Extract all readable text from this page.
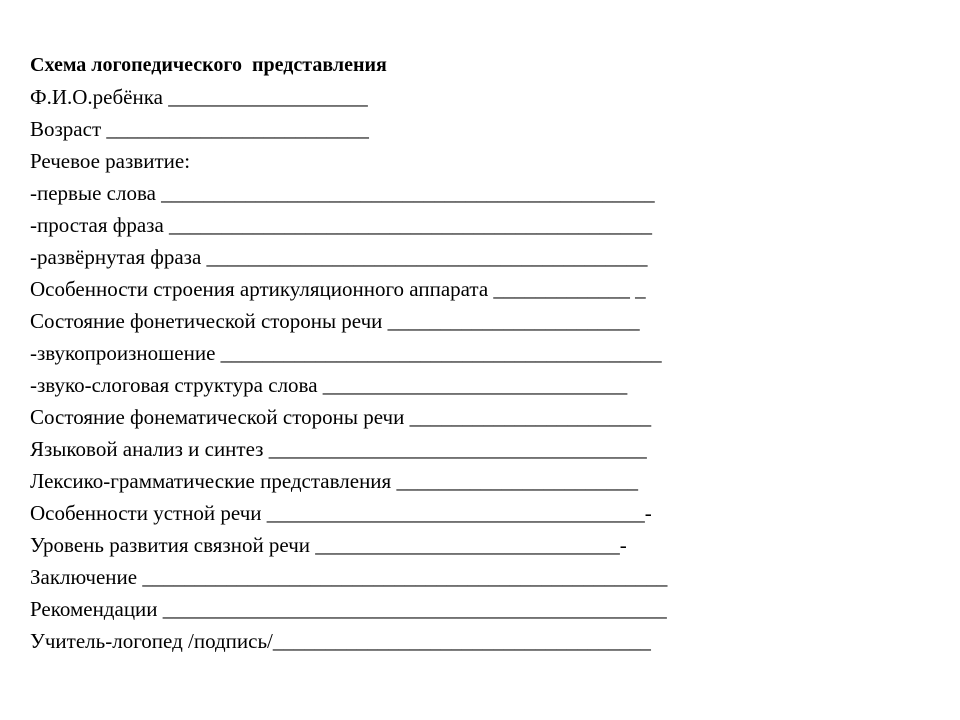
Схема логопедического  представления
Ф.И.О.ребёнка ___________________
Возраст _________________________
Речевое развитие:
-первые слова _______________________________________________
-простая фраза ______________________________________________
-развёрнутая фраза __________________________________________
Особенности строения артикуляционного аппарата _____________ _
Состояние фонетической стороны речи ________________________
-звукопроизношение __________________________________________
-звуко-слоговая структура слова _____________________________
Состояние фонематической стороны речи _______________________
Языковой анализ и синтез ____________________________________
Лексико-грамматические представления _______________________
Особенности устной речи ____________________________________-
Уровень развития связной речи _____________________________-
Заключение __________________________________________________
Рекомендации ________________________________________________
Учитель-логопед /подпись/____________________________________
